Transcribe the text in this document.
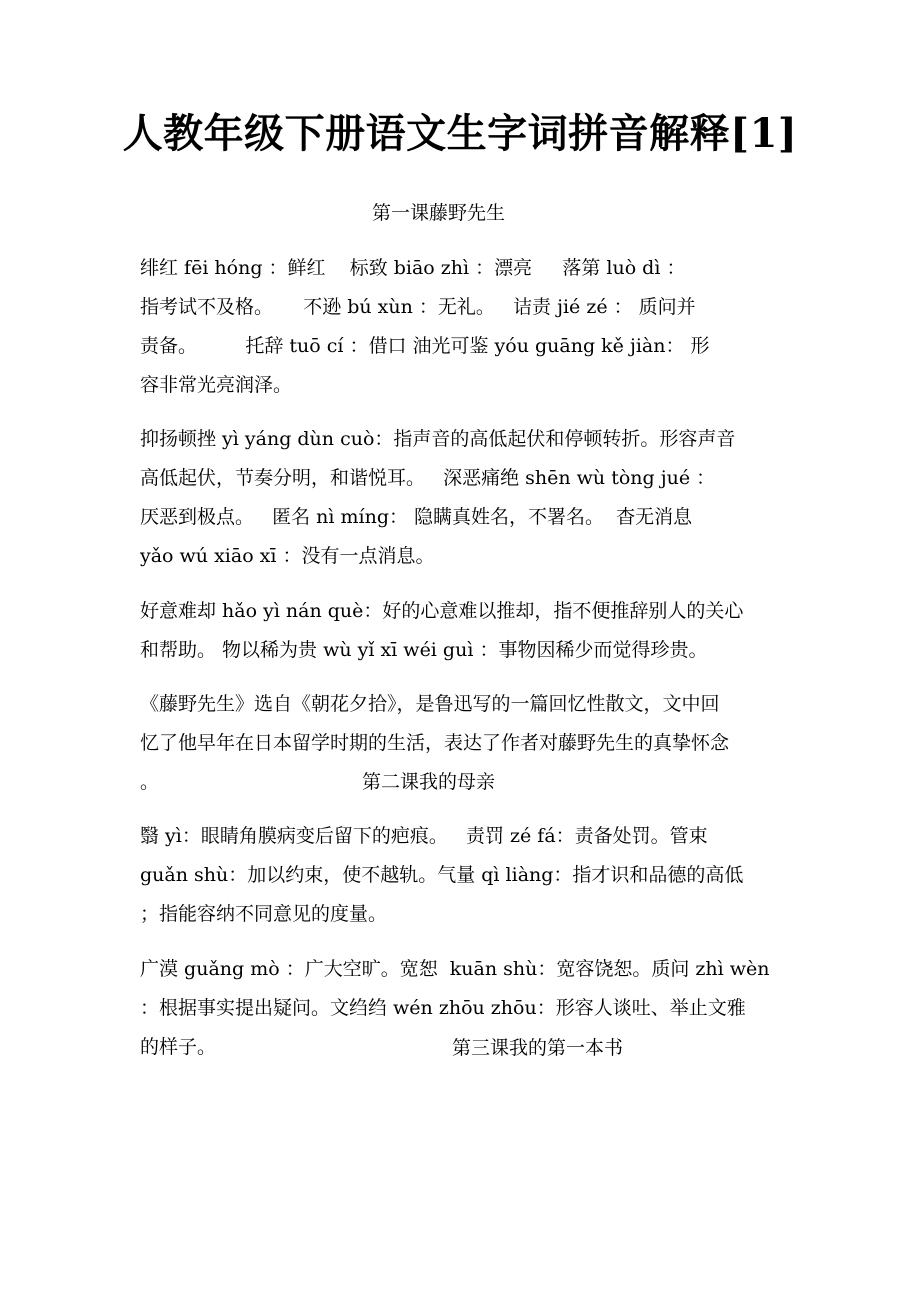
人教年级下册语文生字词拼音解释[1]
第一课藤野先生
绯红 fēi hóng ：鲜红    标致 biāo zhì ：漂亮     落第 luò dì ：
指考试不及格。     不逊 bú xùn ：无礼。   诘责 jié zé ： 质问并
责备。        托辞 tuō cí ：借口 油光可鉴 yóu guāng kě jiàn： 形
容非常光亮润泽。
抑扬顿挫 yì yáng dùn cuò：指声音的高低起伏和停顿转折。形容声音
高低起伏，节奏分明，和谐悦耳。   深恶痛绝 shēn wù tòng jué ：
厌恶到极点。   匿名 nì míng： 隐瞒真姓名，不署名。  杳无消息
yǎo wú xiāo xī ：没有一点消息。
好意难却 hǎo yì nán què：好的心意难以推却，指不便推辞别人的关心
和帮助。 物以稀为贵 wù yǐ xī wéi guì ：事物因稀少而觉得珍贵。
《藤野先生》选自《朝花夕拾》，是鲁迅写的一篇回忆性散文，文中回
忆了他早年在日本留学时期的生活，表达了作者对藤野先生的真挚怀念
。	第二课我的母亲
翳 yì：眼睛角膜病变后留下的疤痕。   责罚 zé fá：责备处罚。管束
guǎn shù：加以约束，使不越轨。气量 qì liàng：指才识和品德的高低
；指能容纳不同意见的度量。
广漠 guǎng mò ：广大空旷。宽恕  kuān shù：宽容饶恕。质问 zhì wèn
：根据事实提出疑问。文绉绉 wén zhōu zhōu：形容人谈吐、举止文雅
的样子。	第三课我的第一本书
